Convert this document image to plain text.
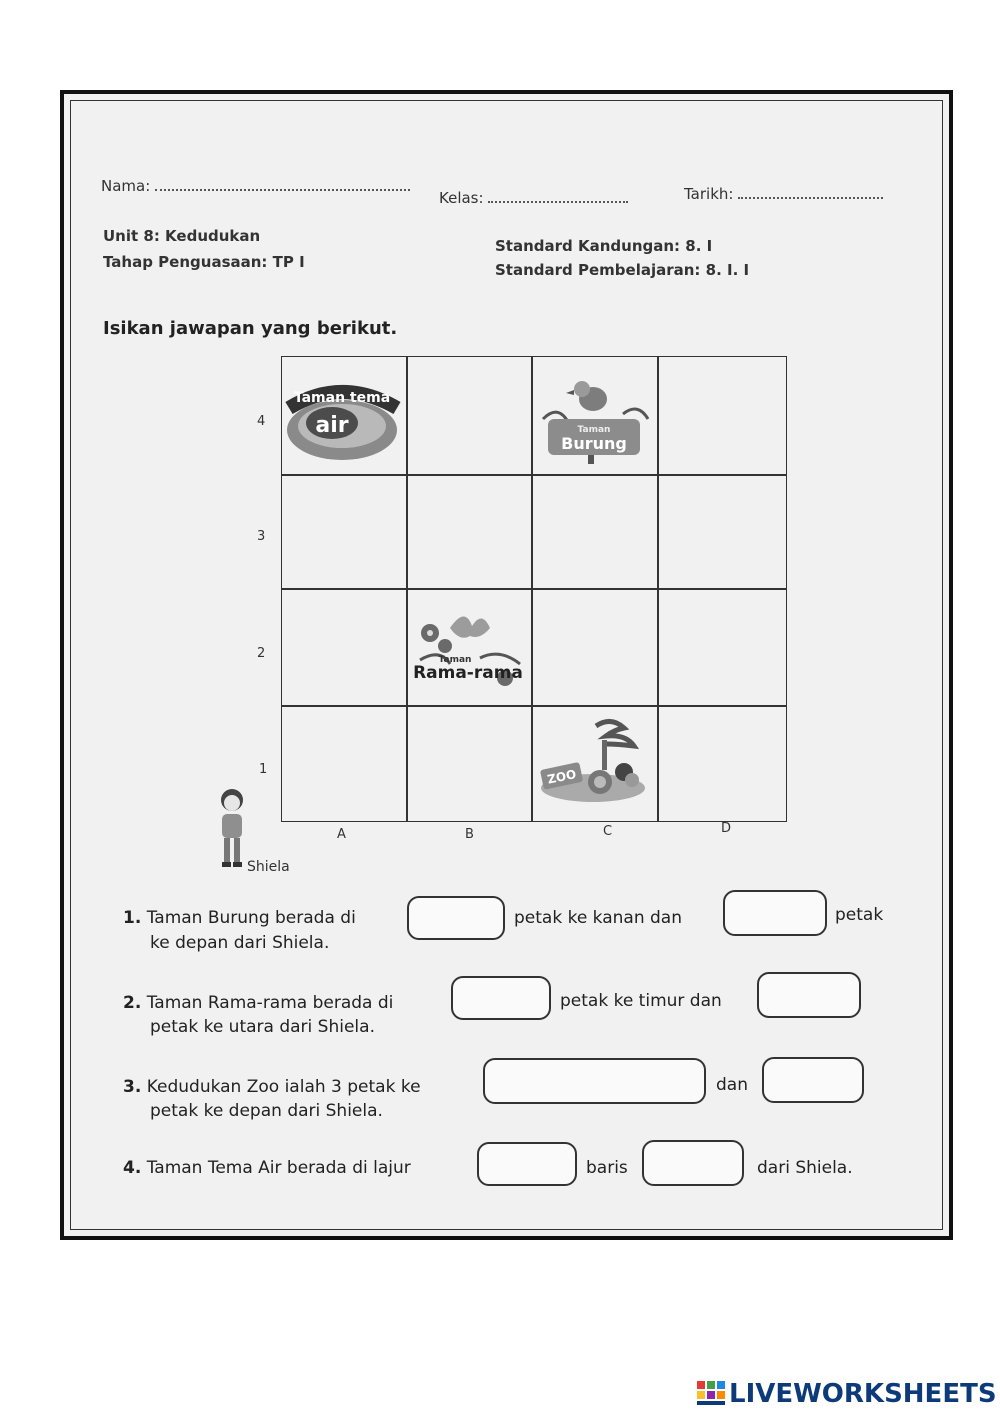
Nama:
Kelas:	Tarikh:
Unit 8: Kedudukan
Tahap Penguasaan: TP I
Standard Kandungan: 8. I
Standard Pembelajaran: 8. I. I
Isikan jawapan yang berikut.
4
3
2
1
A	B	C	D
Taman tema
air	Taman
Burung
Taman
Rama-rama
ZOO
Shiela
1. Taman Burung berada di	petak ke kanan dan	petak
ke depan dari Shiela.
2. Taman Rama-rama berada di	petak ke timur dan
petak ke utara dari Shiela.
3. Kedudukan Zoo ialah 3 petak ke	dan
petak ke depan dari Shiela.
4. Taman Tema Air berada di lajur	baris	dari Shiela.
LIVEWORKSHEETS
